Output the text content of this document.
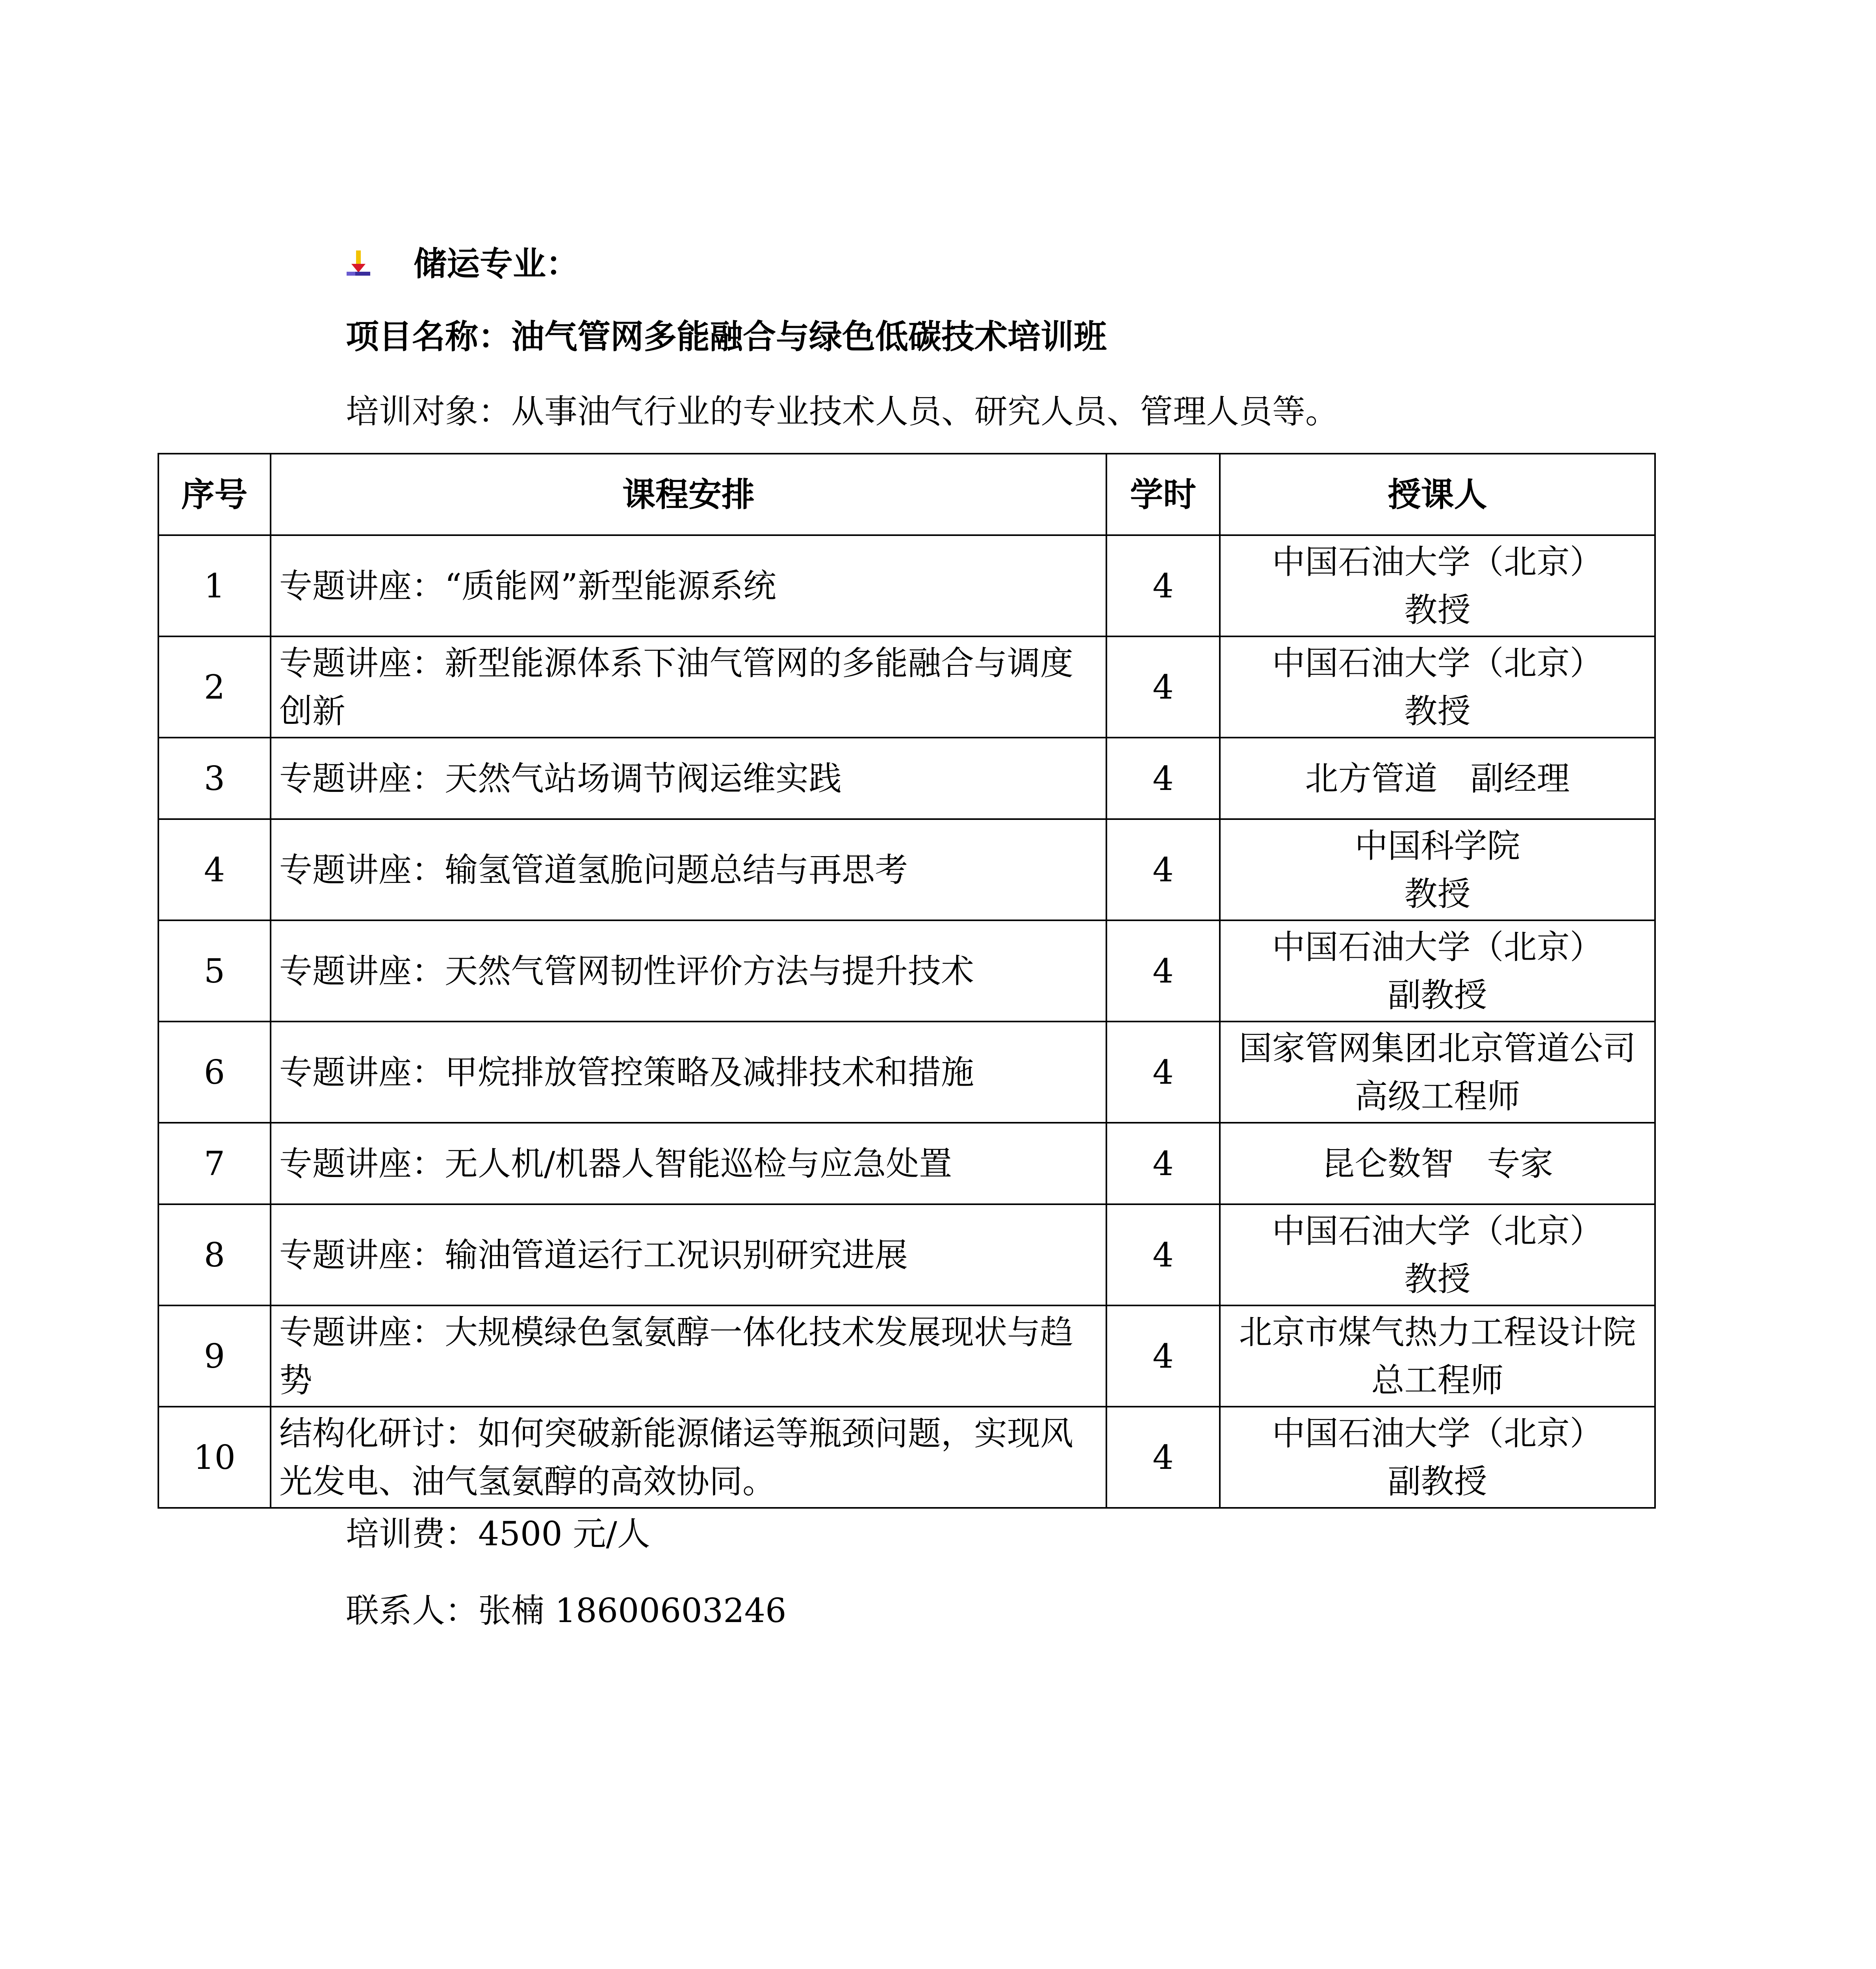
储运专业：
项目名称：油气管网多能融合与绿色低碳技术培训班
培训对象：从事油气行业的专业技术人员、研究人员、管理人员等。
序号	课程安排	学时	授课人
1	专题讲座：“质能网”新型能源系统	4	中国石油大学（北京）
教授
2	专题讲座：新型能源体系下油气管网的多能融合与调度创新	4	中国石油大学（北京）
教授
3	专题讲座：天然气站场调节阀运维实践	4	北方管道　副经理
4	专题讲座：输氢管道氢脆问题总结与再思考	4	中国科学院
教授
5	专题讲座：天然气管网韧性评价方法与提升技术	4	中国石油大学（北京）
副教授
6	专题讲座：甲烷排放管控策略及减排技术和措施	4	国家管网集团北京管道公司高级工程师
7	专题讲座：无人机/机器人智能巡检与应急处置	4	昆仑数智　专家
8	专题讲座：输油管道运行工况识别研究进展	4	中国石油大学（北京）
教授
9	专题讲座：大规模绿色氢氨醇一体化技术发展现状与趋势	4	北京市煤气热力工程设计院总工程师
10	结构化研讨：如何突破新能源储运等瓶颈问题，实现风光发电、油气氢氨醇的高效协同。	4	中国石油大学（北京）
副教授
培训费：4500 元/人
联系人：张楠 18600603246
